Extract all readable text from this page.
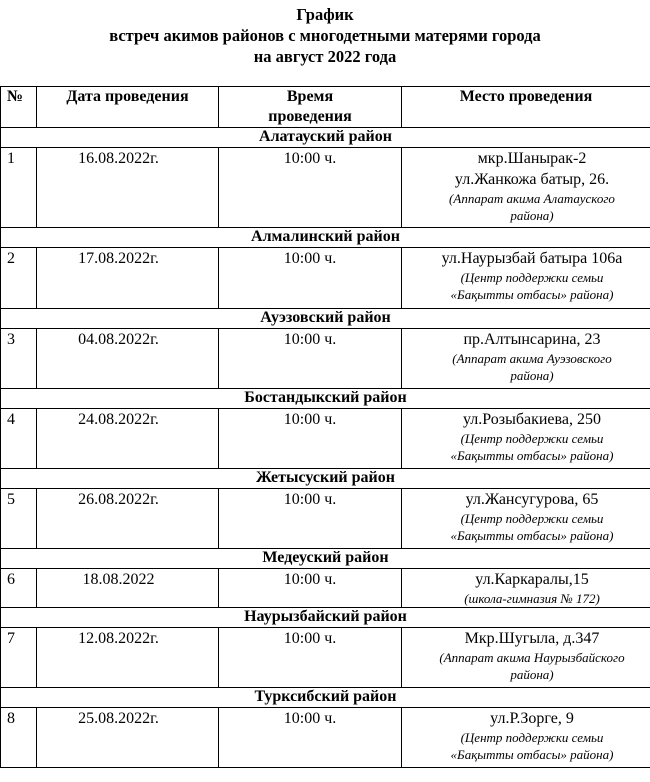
График
встреч акимов районов с многодетными матерями города
на август 2022 года
№	Дата проведения	Время
проведения	Место проведения
Алатауский район			
1	16.08.2022г.	10:00 ч.	мкр.Шанырак-2
ул.Жанкожа батыр, 26.
(Аппарат акима Алатауского
района)

Алмалинский район			
2	17.08.2022г.	10:00 ч.	ул.Наурызбай батыра 106а
(Центр поддержки семьи
«Бақытты отбасы» района)

Ауэзовский район			
3	04.08.2022г.	10:00 ч.	пр.Алтынсарина, 23
(Аппарат акима Ауэзовского
района)

Бостандыкский район			
4	24.08.2022г.	10:00 ч.	ул.Розыбакиева, 250
(Центр поддержки семьи
«Бақытты отбасы» района)

Жетысуский район			
5	26.08.2022г.	10:00 ч.	ул.Жансугурова, 65
(Центр поддержки семьи
«Бақытты отбасы» района)

Медеуский район			
6	18.08.2022	10:00 ч.	ул.Каркаралы,15
(школа-гимназия № 172)

Наурызбайский район			
7	12.08.2022г.	10:00 ч.	Мкр.Шугыла, д.347
(Аппарат акима Наурызбайского
района)

Турксибский район			
8	25.08.2022г.	10:00 ч.	ул.Р.Зорге, 9
(Центр поддержки семьи
«Бақытты отбасы» района)
